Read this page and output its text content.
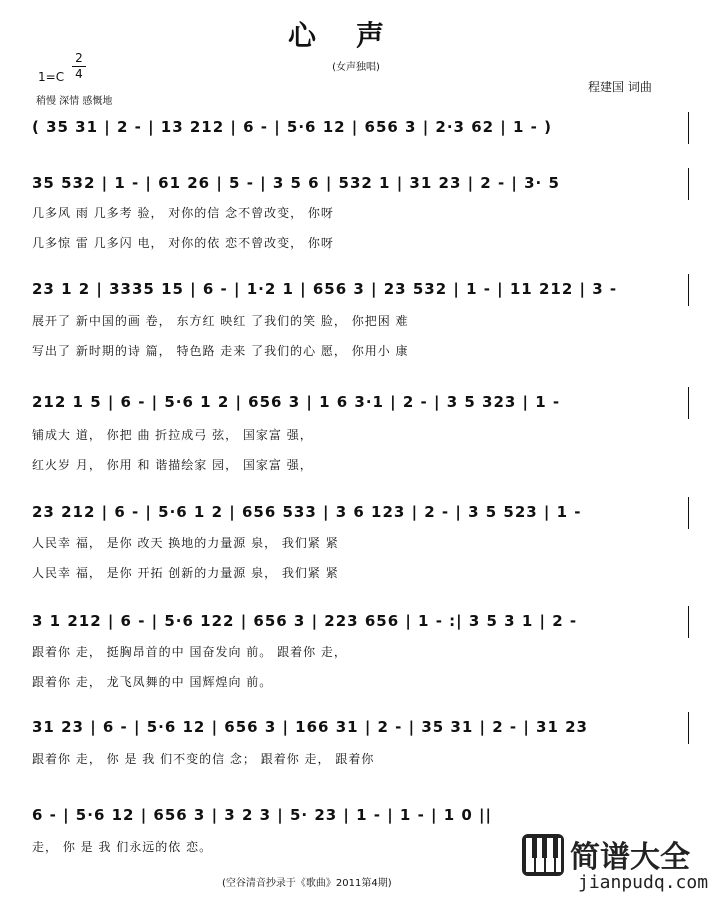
心声
(女声独唱)
1=C
2
4
稍慢 深情 感慨地
程建国 词曲
( 35 31 | 2 - | 13 212 | 6 - | 5·6 12 | 656 3 | 2·3 62 | 1 - )
35 532 | 1 - | 61 26 | 5 - | 3 5 6 | 532 1 | 31 23 | 2 - | 3· 5
几多风 雨 几多考 验， 对你的信 念不曾改变， 你呀
几多惊 雷 几多闪 电， 对你的依 恋不曾改变， 你呀
23 1 2 | 3335 15 | 6 - | 1·2 1 | 656 3 | 23 532 | 1 - | 11 212 | 3 -
展开了 新中国的画 卷， 东方红 映红 了我们的笑 脸， 你把困 难
写出了 新时期的诗 篇， 特色路 走来 了我们的心 愿， 你用小 康
212 1 5 | 6 - | 5·6 1 2 | 656 3 | 1 6 3·1 | 2 - | 3 5 323 | 1 -
铺成大 道， 你把 曲 折拉成弓 弦， 国家富 强，
红火岁 月， 你用 和 谐描绘家 园， 国家富 强，
23 212 | 6 - | 5·6 1 2 | 656 533 | 3 6 123 | 2 - | 3 5 523 | 1 -
人民幸 福， 是你 改天 换地的力量源 泉， 我们紧 紧
人民幸 福， 是你 开拓 创新的力量源 泉， 我们紧 紧
3 1 212 | 6 - | 5·6 122 | 656 3 | 223 656 | 1 - :| 3 5 3 1 | 2 -
跟着你 走， 挺胸昂首的中 国奋发向 前。 跟着你 走，
跟着你 走， 龙飞凤舞的中 国辉煌向 前。
31 23 | 6 - | 5·6 12 | 656 3 | 166 31 | 2 - | 35 31 | 2 - | 31 23
跟着你 走， 你 是 我 们不变的信 念； 跟着你 走， 跟着你
6 - | 5·6 12 | 656 3 | 3 2 3 | 5· 23 | 1 - | 1 - | 1 0 ||
走， 你 是 我 们永远的依 恋。
(空谷清音抄录于《歌曲》2011第4期)
简谱大全
jianpudq.com
